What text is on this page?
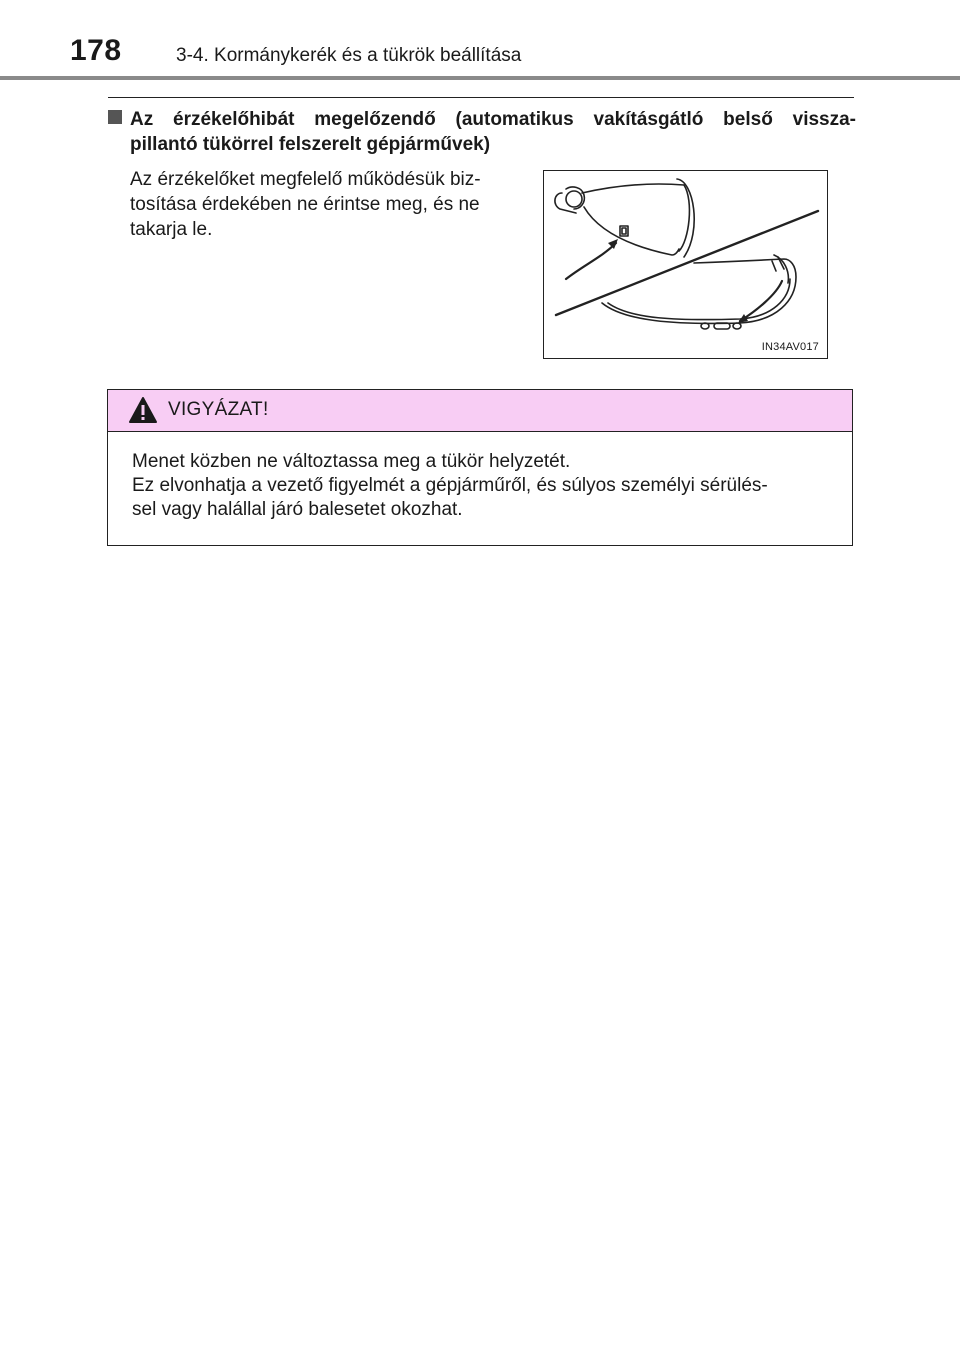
178	3-4. Kormánykerék és a tükrök beállítása
Az érzékelőhibát megelőzendő (automatikus vakításgátló belső vissza-
pillantó tükörrel felszerelt gépjárművek)
Az érzékelőket megfelelő működésük biz-
tosítása érdekében ne érintse meg, és ne
takarja le.
IN34AV017
VIGYÁZAT!
Menet közben ne változtassa meg a tükör helyzetét.
Ez elvonhatja a vezető figyelmét a gépjárműről, és súlyos személyi sérülés-
sel vagy halállal járó balesetet okozhat.
